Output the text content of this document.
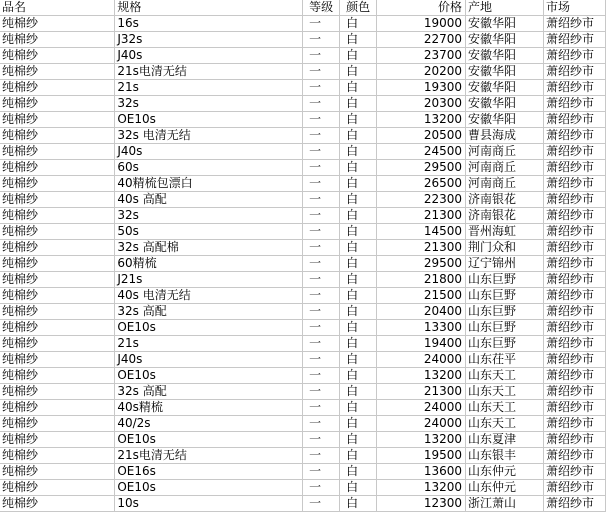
品名	规格	等级	颜色	价格	产地	市场
纯棉纱	16s	一	白	19000	安徽华阳	萧绍纱市
纯棉纱	J32s	一	白	22700	安徽华阳	萧绍纱市
纯棉纱	J40s	一	白	23700	安徽华阳	萧绍纱市
纯棉纱	21s电清无结	一	白	20200	安徽华阳	萧绍纱市
纯棉纱	21s	一	白	19300	安徽华阳	萧绍纱市
纯棉纱	32s	一	白	20300	安徽华阳	萧绍纱市
纯棉纱	OE10s	一	白	13200	安徽华阳	萧绍纱市
纯棉纱	32s 电清无结	一	白	20500	曹县海成	萧绍纱市
纯棉纱	J40s	一	白	24500	河南商丘	萧绍纱市
纯棉纱	60s	一	白	29500	河南商丘	萧绍纱市
纯棉纱	40精梳包漂白	一	白	26500	河南商丘	萧绍纱市
纯棉纱	40s 高配	一	白	22300	济南银花	萧绍纱市
纯棉纱	32s	一	白	21300	济南银花	萧绍纱市
纯棉纱	50s	一	白	14500	晋州海虹	萧绍纱市
纯棉纱	32s 高配棉	一	白	21300	荆门众和	萧绍纱市
纯棉纱	60精梳	一	白	29500	辽宁锦州	萧绍纱市
纯棉纱	J21s	一	白	21800	山东巨野	萧绍纱市
纯棉纱	40s 电清无结	一	白	21500	山东巨野	萧绍纱市
纯棉纱	32s 高配	一	白	20400	山东巨野	萧绍纱市
纯棉纱	OE10s	一	白	13300	山东巨野	萧绍纱市
纯棉纱	21s	一	白	19400	山东巨野	萧绍纱市
纯棉纱	J40s	一	白	24000	山东茌平	萧绍纱市
纯棉纱	OE10s	一	白	13200	山东天工	萧绍纱市
纯棉纱	32s 高配	一	白	21300	山东天工	萧绍纱市
纯棉纱	40s精梳	一	白	24000	山东天工	萧绍纱市
纯棉纱	40/2s	一	白	24000	山东天工	萧绍纱市
纯棉纱	OE10s	一	白	13200	山东夏津	萧绍纱市
纯棉纱	21s电清无结	一	白	19500	山东银丰	萧绍纱市
纯棉纱	OE16s	一	白	13600	山东仲元	萧绍纱市
纯棉纱	OE10s	一	白	13200	山东仲元	萧绍纱市
纯棉纱	10s	一	白	12300	浙江萧山	萧绍纱市
